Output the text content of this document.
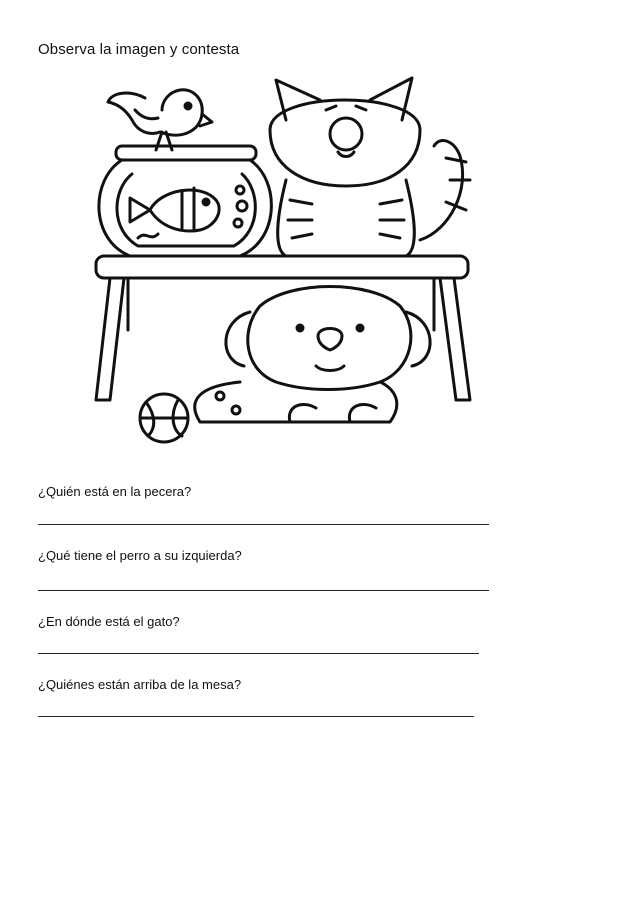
Observa la imagen y contesta
¿Quién está en la pecera?
¿Qué tiene el perro a su izquierda?
¿En dónde está el gato?
¿Quiénes están arriba de la mesa?
